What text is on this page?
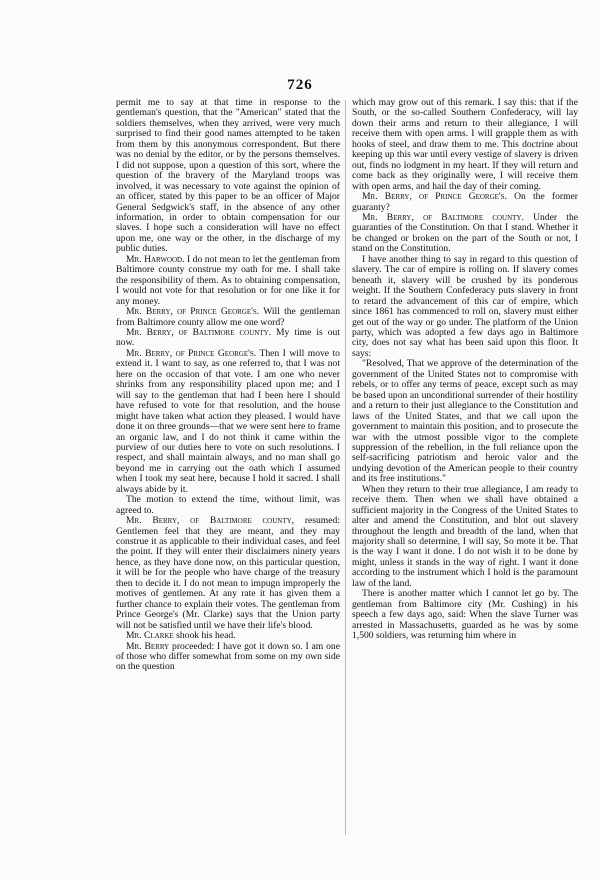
726

permit me to say at that time in response to the gentleman's question, that the "American" stated that the soldiers themselves, when they arrived, were very much surprised to find their good names attempted to be taken from them by this anonymous correspondent. But there was no denial by the editor, or by the persons themselves. I did not suppose, upon a question of this sort, where the question of the bravery of the Maryland troops was involved, it was necessary to vote against the opinion of an officer, stated by this paper to be an officer of Major General Sedgwick's staff, in the absence of any other information, in order to obtain compensation for our slaves. I hope such a consideration will have no effect upon me, one way or the other, in the discharge of my public duties.

Mr. Harwood. I do not mean to let the gentleman from Baltimore county construe my oath for me. I shall take the responsibility of them. As to obtaining compensation, I would not vote for that resolution or for one like it for any money.

Mr. Berry, of Prince George's. Will the gentleman from Baltimore county allow me one word?

Mr. Berry, of Baltimore county. My time is out now.

Mr. Berry, of Prince George's. Then I will move to extend it. I want to say, as one referred to, that I was not here on the occasion of that vote. I am one who never shrinks from any responsibility placed upon me; and I will say to the gentleman that had I been here I should have refused to vote for that resolution, and the house might have taken what action they pleased. I would have done it on three grounds—that we were sent here to frame an organic law, and I do not think it came within the purview of our duties here to vote on such resolutions. I respect, and shall maintain always, and no man shall go beyond me in carrying out the oath which I assumed when I took my seat here, because I hold it sacred. I shall always abide by it.

The motion to extend the time, without limit, was agreed to.

Mr. Berry, of Baltimore county, resumed: Gentlemen feel that they are meant, and they may construe it as applicable to their individual cases, and feel the point. If they will enter their disclaimers ninety years hence, as they have done now, on this particular question, it will be for the people who have charge of the treasury then to decide it. I do not mean to impugn improperly the motives of gentlemen. At any rate it has given them a further chance to explain their votes. The gentleman from Prince George's (Mr. Clarke) says that the Union party will not be satisfied until we have their life's blood.

Mr. Clarke shook his head.

Mr. Berry proceeded: I have got it down so. I am one of those who differ somewhat from some on my own side on the question

which may grow out of this remark. I say this: that if the South, or the so-called Southern Confederacy, will lay down their arms and return to their allegiance, I will receive them with open arms. I will grapple them as with hooks of steel, and draw them to me. This doctrine about keeping up this war until every vestige of slavery is driven out, finds no lodgment in my heart. If they will return and come back as they originally were, I will receive them with open arms, and hail the day of their coming.

Mr. Berry, of Prince George's. On the former guaranty?

Mr. Berry, of Baltimore county. Under the guaranties of the Constitution. On that I stand. Whether it be changed or broken on the part of the South or not, I stand on the Constitution.

I have another thing to say in regard to this question of slavery. The car of empire is rolling on. If slavery comes beneath it, slavery will be crushed by its ponderous weight. If the Southern Confederacy puts slavery in front to retard the advancement of this car of empire, which since 1861 has commenced to roll on, slavery must either get out of the way or go under. The platform of the Union party, which was adopted a few days ago in Baltimore city, does not say what has been said upon this floor. It says:

"Resolved, That we approve of the determination of the government of the United States not to compromise with rebels, or to offer any terms of peace, except such as may be based upon an unconditional surrender of their hostility and a return to their just allegiance to the Constitution and laws of the United States, and that we call upon the government to maintain this position, and to prosecute the war with the utmost possible vigor to the complete suppression of the rebellion, in the full reliance upon the self-sacrificing patriotism and heroic valor and the undying devotion of the American people to their country and its free institutions."

When they return to their true allegiance, I am ready to receive them. Then when we shall have obtained a sufficient majority in the Congress of the United States to alter and amend the Constitution, and blot out slavery throughout the length and breadth of the land, when that majority shall so determine, I will say, So mote it be. That is the way I want it done. I do not wish it to be done by might, unless it stands in the way of right. I want it done according to the instrument which I hold is the paramount law of the land.

There is another matter which I cannot let go by. The gentleman from Baltimore city (Mr. Cushing) in his speech a few days ago, said: When the slave Turner was arrested in Massachusetts, guarded as he was by some 1,500 soldiers, was returning him where in
